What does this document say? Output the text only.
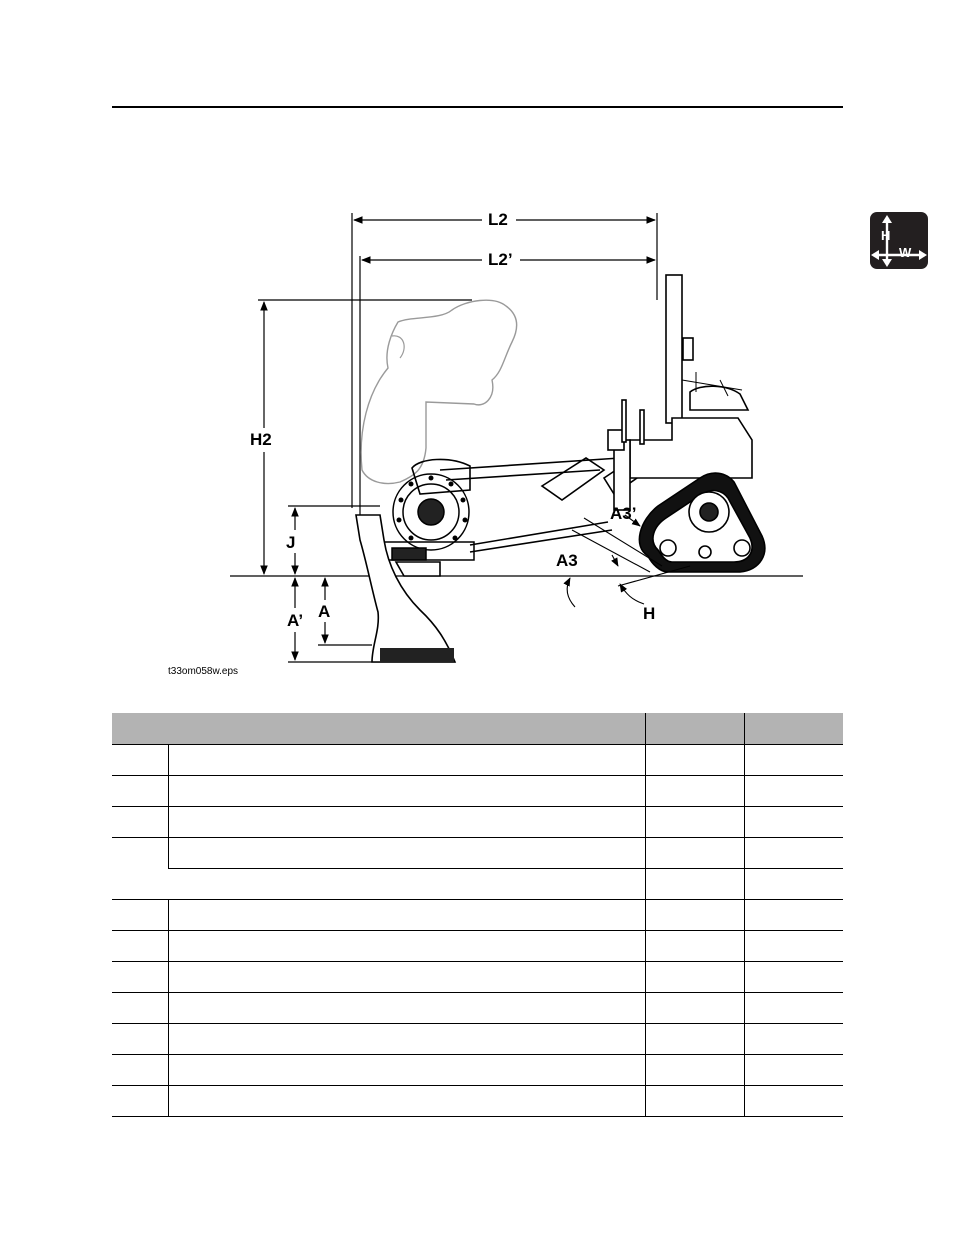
H
W
L2
L2’
H2
J
A’ A
A3’
A3
H
t33om058w.eps
